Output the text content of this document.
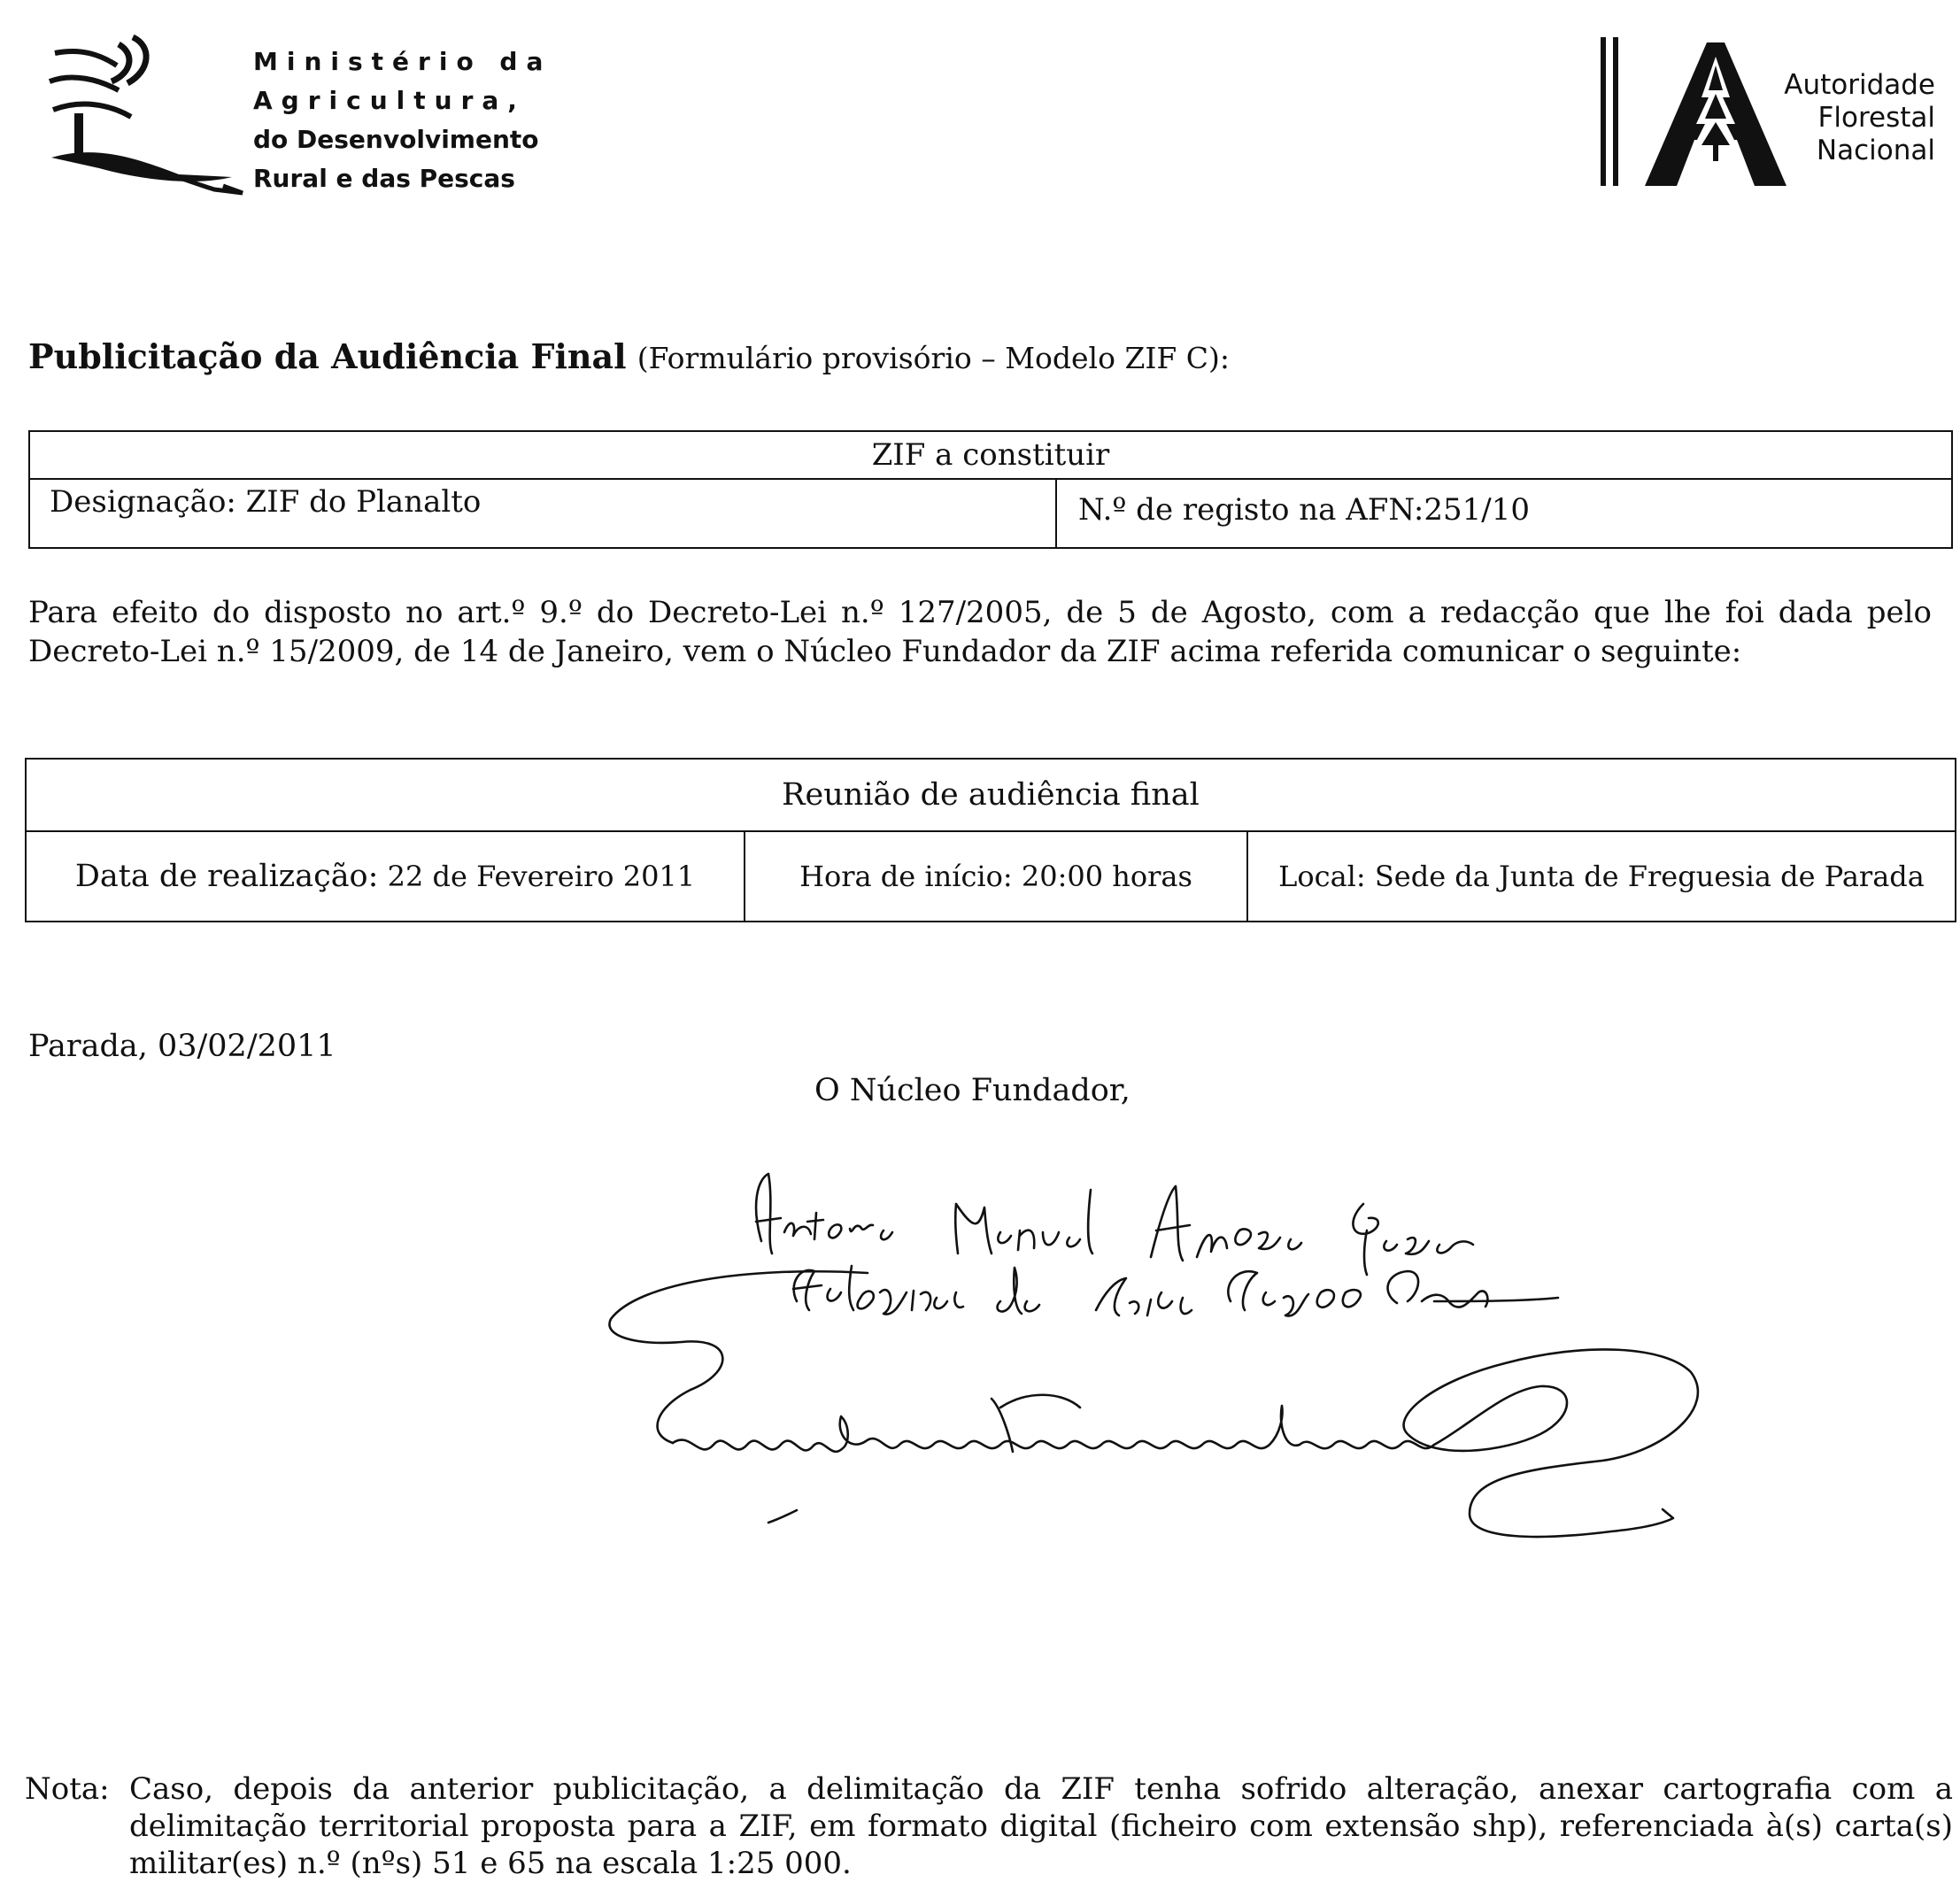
Ministério da
Agricultura,
do Desenvolvimento
Rural e das Pescas
Autoridade
Florestal
Nacional
Publicitação da Audiência Final (Formulário provisório – Modelo ZIF C):
ZIF a constituir
Designação: ZIF do Planalto	N.º de registo na AFN:251/10
Para efeito do disposto no art.º 9.º do Decreto-Lei n.º 127/2005, de 5 de Agosto, com a redacção que lhe foi dada pelo Decreto-Lei n.º 15/2009, de 14 de Janeiro, vem o Núcleo Fundador da ZIF acima referida comunicar o seguinte:
Reunião de audiência final
Data de realização: 22 de Fevereiro 2011	Hora de início: 20:00 horas	Local: Sede da Junta de Freguesia de Parada
Parada, 03/02/2011
O Núcleo Fundador,
Nota: Caso, depois da anterior publicitação, a delimitação da ZIF tenha sofrido alteração, anexar cartografia com a delimitação territorial proposta para a ZIF, em formato digital (ficheiro com extensão shp), referenciada à(s) carta(s) militar(es) n.º (nºs) 51 e 65 na escala 1:25 000.
